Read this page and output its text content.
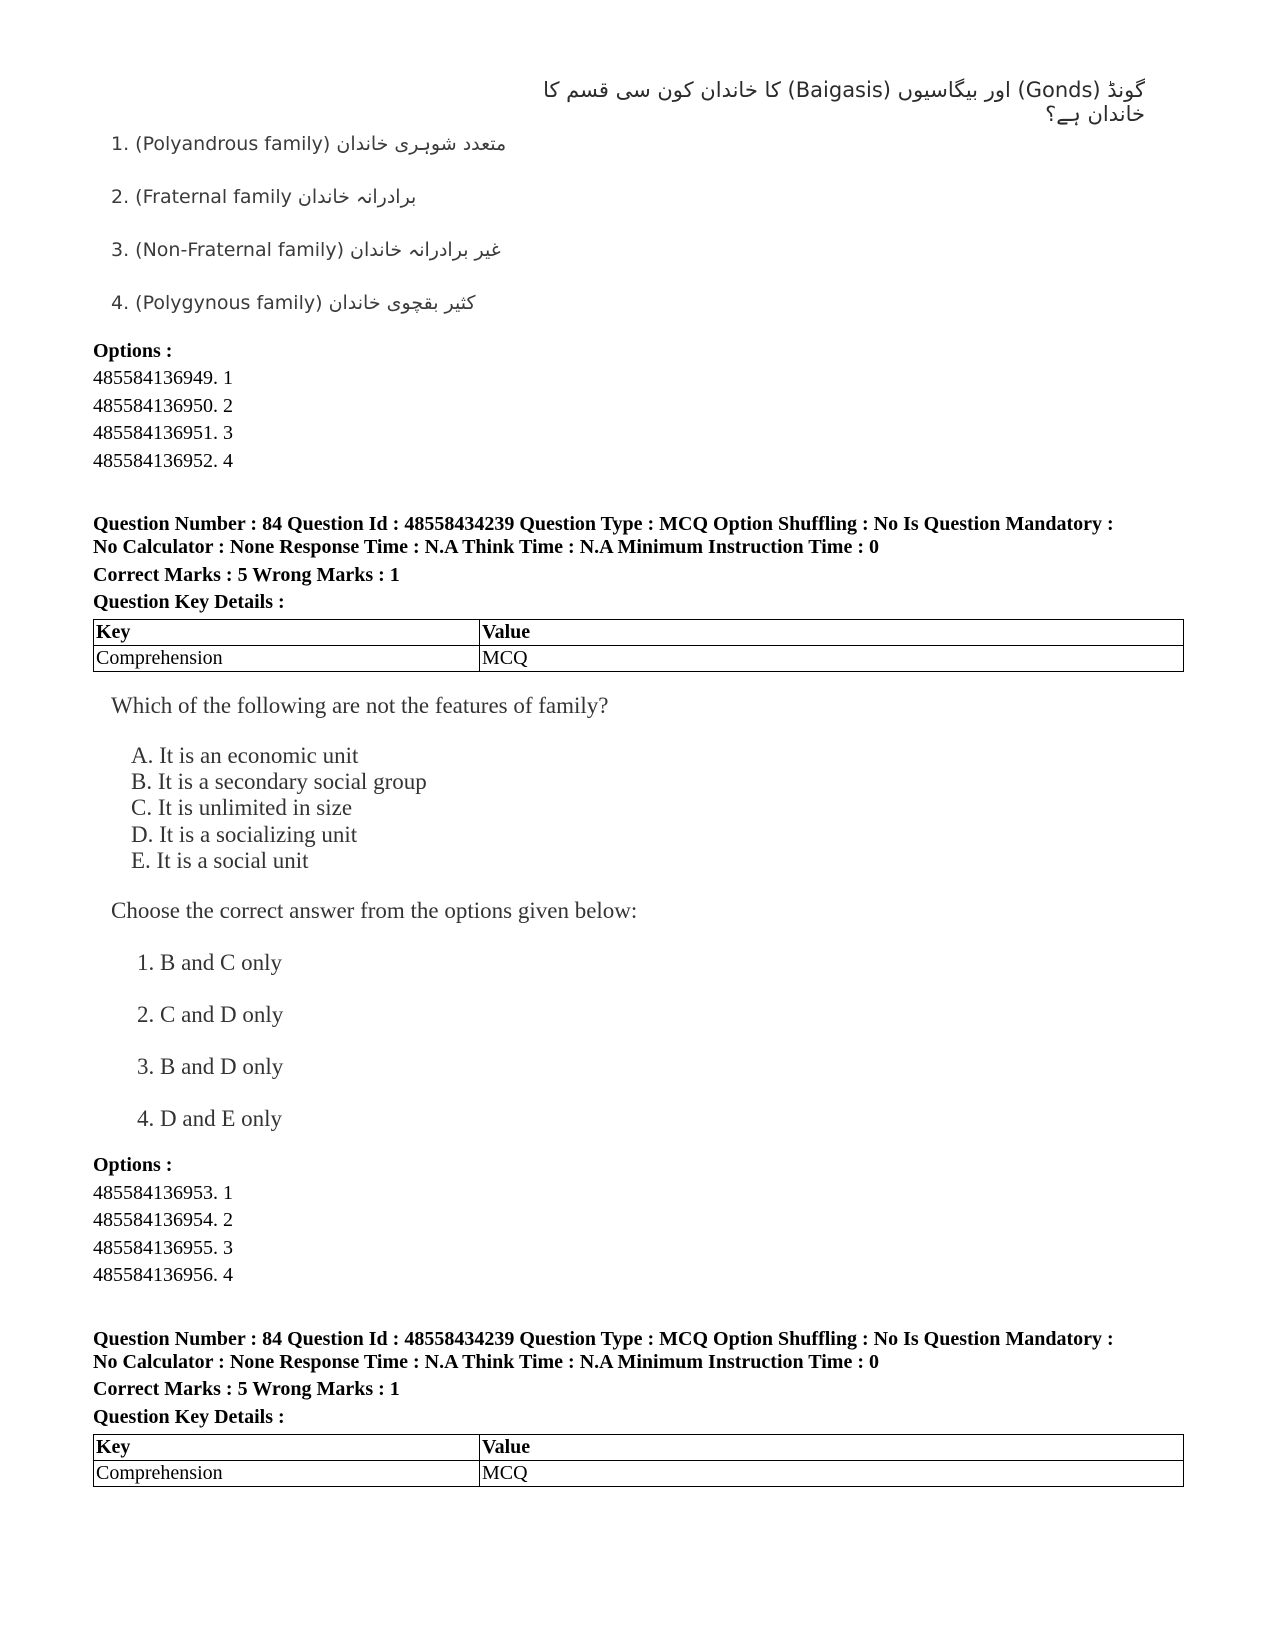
گونڈ (Gonds) اور بیگاسیوں (Baigasis) کا خاندان کون سی قسم کا خاندان ہے؟
1. (Polyandrous family) متعدد شوہری خاندان
2. (Fraternal family برادرانہ خاندان
3. (Non-Fraternal family) غیر برادرانہ خاندان
4. (Polygynous family) کثیر بقچوی خاندان
Options :
485584136949. 1
485584136950. 2
485584136951. 3
485584136952. 4
Question Number : 84 Question Id : 48558434239 Question Type : MCQ Option Shuffling : No Is Question Mandatory :
No Calculator : None Response Time : N.A Think Time : N.A Minimum Instruction Time : 0
Correct Marks : 5 Wrong Marks : 1
Question Key Details :
Key	Value
Comprehension	MCQ
Which of the following are not the features of family?
A. It is an economic unit
B. It is a secondary social group
C. It is unlimited in size
D. It is a socializing unit
E. It is a social unit
Choose the correct answer from the options given below:
1. B and C only
2. C and D only
3. B and D only
4. D and E only
Options :
485584136953. 1
485584136954. 2
485584136955. 3
485584136956. 4
Question Number : 84 Question Id : 48558434239 Question Type : MCQ Option Shuffling : No Is Question Mandatory :
No Calculator : None Response Time : N.A Think Time : N.A Minimum Instruction Time : 0
Correct Marks : 5 Wrong Marks : 1
Question Key Details :
Key	Value
Comprehension	MCQ
